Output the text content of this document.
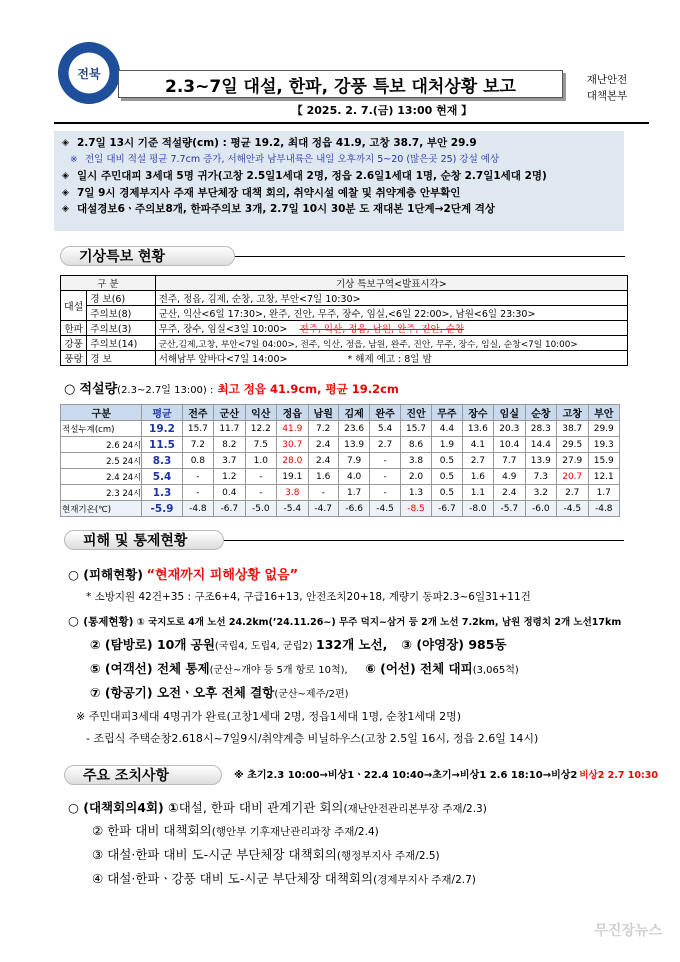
전북
2.3~7일 대설, 한파, 강풍 특보 대처상황 보고	재난안전
대책본부
【 2025. 2. 7.(금) 13:00 현재 】
◈ 2.7일 13시 기준 적설량(cm) : 평균 19.2, 최대 정읍 41.9, 고창 38.7, 부안 29.9
※ 전일 대비 적설 평균 7.7cm 증가, 서해안과 남부내륙은 내일 오후까지 5~20 (많은곳 25) 강설 예상
◈ 일시 주민대피 3세대 5명 귀가(고창 2.5일1세대 2명, 정읍 2.6일1세대 1명, 순창 2.7일1세대 2명)
◈ 7일 9시 경제부지사 주재 부단체장 대책 회의, 취약시설 예찰 및 취약계층 안부확인
◈ 대설경보6ㆍ주의보8개, 한파주의보 3개, 2.7일 10시 30분 도 재대본 1단계→2단계 격상
기상특보 현황
구 분		기상 특보구역<발표시각>
대설	경 보(6)	전주, 정읍, 김제, 순창, 고창, 부안<7일 10:30>
	주의보(8)	군산, 익산<6일 17:30>, 완주, 진안, 무주, 장수, 임실,<6일 22:00>, 남원<6일 23:30>
한파	주의보(3)	무주, 장수, 임실<3일 10:00> 전주, 익산, 정읍, 남원, 완주, 진안, 순창
강풍	주의보(14)	군산,김제,고창, 부안<7일 04:00>, 전주, 익산, 정읍, 남원, 완주, 진안, 무주, 장수, 임실, 순창<7일 10:00>
풍랑	경 보	서해남부 앞바다<7일 14:00> * 해제 예고 : 8일 밤
○ 적설량(2.3~2.7일 13:00) : 최고 정읍 41.9cm, 평균 19.2cm
구분	평균	전주	군산	익산	정읍	남원	김제	완주	진안	무주	장수	임실	순창	고창	부안
적설누계(cm)	19.2	15.7	11.7	12.2	41.9	7.2	23.6	5.4	15.7	4.4	13.6	20.3	28.3	38.7	29.9
2.6 24시	11.5	7.2	8.2	7.5	30.7	2.4	13.9	2.7	8.6	1.9	4.1	10.4	14.4	29.5	19.3
2.5 24시	8.3	0.8	3.7	1.0	28.0	2.4	7.9	-	3.8	0.5	2.7	7.7	13.9	27.9	15.9
2.4 24시	5.4	-	1.2	-	19.1	1.6	4.0	-	2.0	0.5	1.6	4.9	7.3	20.7	12.1
2.3 24시	1.3	-	0.4	-	3.8	-	1.7	-	1.3	0.5	1.1	2.4	3.2	2.7	1.7
현재기온(℃)	-5.9	-4.8	-6.7	-5.0	-5.4	-4.7	-6.6	-4.5	-8.5	-6.7	-8.0	-5.7	-6.0	-4.5	-4.8
피해 및 통제현황
○ (피해현황) “현재까지 피해상황 없음”
* 소방지원 42건+35 : 구조6+4, 구급16+13, 안전조치20+18, 계량기 동파2.3~6일31+11건
○ (통제현황) ① 국지도로 4개 노선 24.2km(’24.11.26~) 무주 덕지~삼거 등 2개 노선 7.2km, 남원 정령치 2개 노선17km
② (탐방로) 10개 공원(국립4, 도립4, 군립2) 132개 노선, ③ (야영장) 985동
⑤ (여객선) 전체 통제(군산~개야 등 5개 항로 10척), ⑥ (어선) 전체 대피(3,065척)
⑦ (항공기) 오전ㆍ오후 전체 결항(군산~제주/2편)
※ 주민대피3세대 4명귀가 완료(고창1세대 2명, 정읍1세대 1명, 순창1세대 2명)
- 조립식 주택순창2.618시~7일9시/취약계층 비닐하우스(고창 2.5일 16시, 정읍 2.6일 14시)
주요 조치사항	※ 초기2.3 10:00→비상1ㆍ22.4 10:40→초기→비상1 2.6 18:10→비상2 비상2 2.7 10:30
○ (대책회의4회) ①대설, 한파 대비 관계기관 회의(재난안전관리본부장 주재/2.3)
② 한파 대비 대책회의(행안부 기후재난관리과장 주재/2.4)
③ 대설·한파 대비 도-시군 부단체장 대책회의(행정부지사 주재/2.5)
④ 대설·한파ㆍ강풍 대비 도-시군 부단체장 대책회의(경제부지사 주재/2.7)
무진장뉴스
